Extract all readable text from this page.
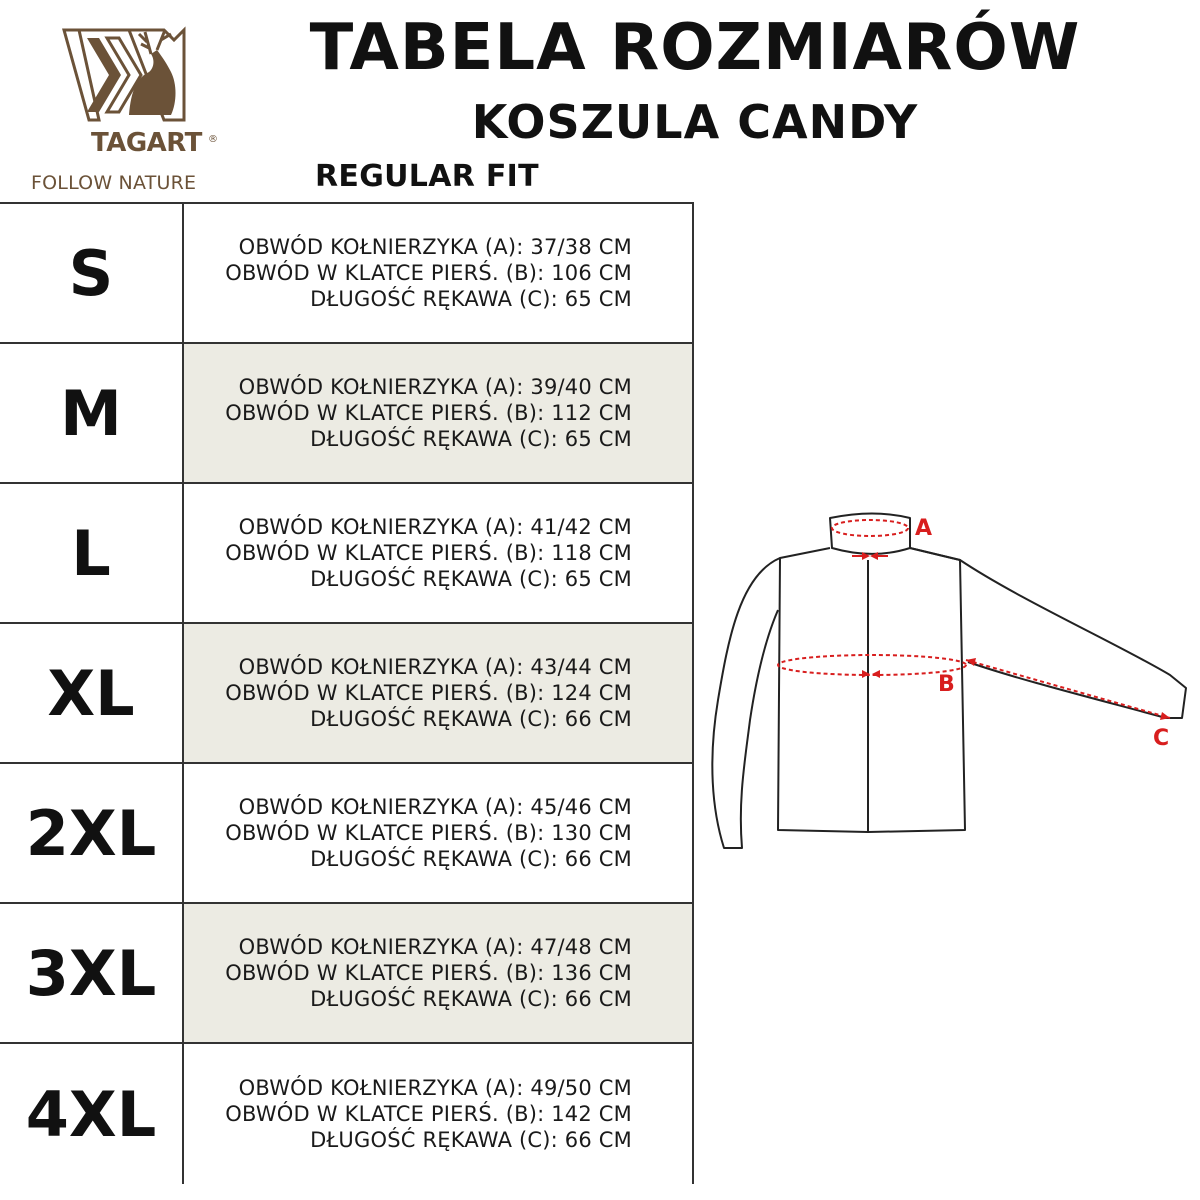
TAGART ®
FOLLOW NATURE
TABELA ROZMIARÓW
KOSZULA CANDY
REGULAR FIT
S	OBWÓD KOŁNIERZYKA (A): 37/38 CM
OBWÓD W KLATCE PIERŚ. (B): 106 CM
DŁUGOŚĆ RĘKAWA (C): 65 CM
M	OBWÓD KOŁNIERZYKA (A): 39/40 CM
OBWÓD W KLATCE PIERŚ. (B): 112 CM
DŁUGOŚĆ RĘKAWA (C): 65 CM
L	OBWÓD KOŁNIERZYKA (A): 41/42 CM
OBWÓD W KLATCE PIERŚ. (B): 118 CM
DŁUGOŚĆ RĘKAWA (C): 65 CM
XL	OBWÓD KOŁNIERZYKA (A): 43/44 CM
OBWÓD W KLATCE PIERŚ. (B): 124 CM
DŁUGOŚĆ RĘKAWA (C): 66 CM
2XL	OBWÓD KOŁNIERZYKA (A): 45/46 CM
OBWÓD W KLATCE PIERŚ. (B): 130 CM
DŁUGOŚĆ RĘKAWA (C): 66 CM
3XL	OBWÓD KOŁNIERZYKA (A): 47/48 CM
OBWÓD W KLATCE PIERŚ. (B): 136 CM
DŁUGOŚĆ RĘKAWA (C): 66 CM
4XL	OBWÓD KOŁNIERZYKA (A): 49/50 CM
OBWÓD W KLATCE PIERŚ. (B): 142 CM
DŁUGOŚĆ RĘKAWA (C): 66 CM
A
B
C
